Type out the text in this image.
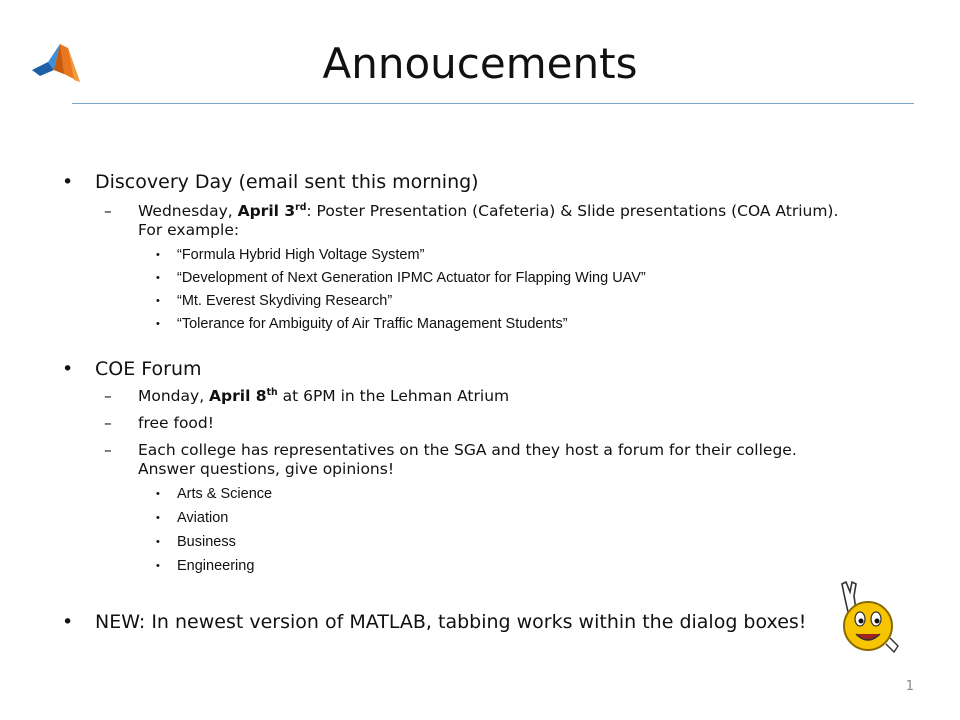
Annoucements
• Discovery Day (email sent this morning)
– Wednesday, April 3rd: Poster Presentation (Cafeteria) & Slide presentations (COA Atrium). For example:
• “Formula Hybrid High Voltage System”
• “Development of Next Generation IPMC Actuator for Flapping Wing UAV”
• “Mt. Everest Skydiving Research”
• “Tolerance for Ambiguity of Air Traffic Management Students”
• COE Forum
– Monday, April 8th at 6PM in the Lehman Atrium
– free food!
– Each college has representatives on the SGA and they host a forum for their college. Answer questions, give opinions!
• Arts & Science
• Aviation
• Business
• Engineering
• NEW: In newest version of MATLAB, tabbing works within the dialog boxes!
1
